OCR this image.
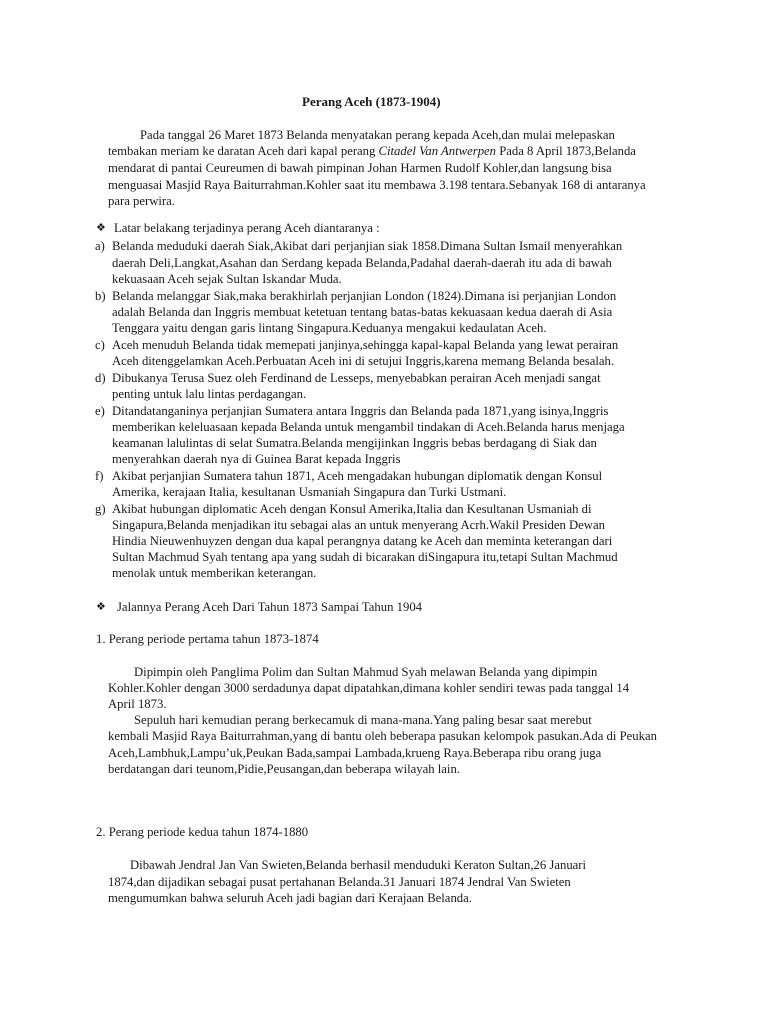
Perang Aceh (1873-1904)
Pada tanggal 26 Maret 1873 Belanda menyatakan perang kepada Aceh,dan mulai melepaskan
tembakan meriam ke daratan Aceh dari kapal perang Citadel Van Antwerpen Pada 8 April 1873,Belanda
mendarat di pantai Ceureumen di bawah pimpinan Johan Harmen Rudolf Kohler,dan langsung bisa
menguasai Masjid Raya Baiturrahman.Kohler saat itu membawa 3.198 tentara.Sebanyak 168 di antaranya
para perwira.
❖ Latar belakang terjadinya perang Aceh diantaranya :
a) Belanda meduduki daerah Siak,Akibat dari perjanjian siak 1858.Dimana Sultan Ismail menyerahkan
daerah Deli,Langkat,Asahan dan Serdang kepada Belanda,Padahal daerah-daerah itu ada di bawah
kekuasaan Aceh sejak Sultan Iskandar Muda.
b) Belanda melanggar Siak,maka berakhirlah perjanjian London (1824).Dimana isi perjanjian London
adalah Belanda dan Inggris membuat ketetuan tentang batas-batas kekuasaan kedua daerah di Asia
Tenggara yaitu dengan garis lintang Singapura.Keduanya mengakui kedaulatan Aceh.
c) Aceh menuduh Belanda tidak memepati janjinya,sehingga kapal-kapal Belanda yang lewat perairan
Aceh ditenggelamkan Aceh.Perbuatan Aceh ini di setujui Inggris,karena memang Belanda besalah.
d) Dibukanya Terusa Suez oleh Ferdinand de Lesseps, menyebabkan perairan Aceh menjadi sangat
penting untuk lalu lintas perdagangan.
e) Ditandatanganinya perjanjian Sumatera antara Inggris dan Belanda pada 1871,yang isinya,Inggris
memberikan keleluasaan kepada Belanda untuk mengambil tindakan di Aceh.Belanda harus menjaga
keamanan lalulintas di selat Sumatra.Belanda mengijinkan Inggris bebas berdagang di Siak dan
menyerahkan daerah nya di Guinea Barat kepada Inggris
f) Akibat perjanjian Sumatera tahun 1871, Aceh mengadakan hubungan diplomatik dengan Konsul
Amerika, kerajaan Italia, kesultanan Usmaniah Singapura dan Turki Ustmani.
g) Akibat hubungan diplomatic Aceh dengan Konsul Amerika,Italia dan Kesultanan Usmaniah di
Singapura,Belanda menjadikan itu sebagai alas an untuk menyerang Acrh.Wakil Presiden Dewan
Hindia Nieuwenhuyzen dengan dua kapal perangnya datang ke Aceh dan meminta keterangan dari
Sultan Machmud Syah tentang apa yang sudah di bicarakan diSingapura itu,tetapi Sultan Machmud
menolak untuk memberikan keterangan.
❖ Jalannya Perang Aceh Dari Tahun 1873 Sampai Tahun 1904
1. Perang periode pertama tahun 1873-1874
Dipimpin oleh Panglima Polim dan Sultan Mahmud Syah melawan Belanda yang dipimpin
Kohler.Kohler dengan 3000 serdadunya dapat dipatahkan,dimana kohler sendiri tewas pada tanggal 14
April 1873.
Sepuluh hari kemudian perang berkecamuk di mana-mana.Yang paling besar saat merebut
kembali Masjid Raya Baiturrahman,yang di bantu oleh beberapa pasukan kelompok pasukan.Ada di Peukan
Aceh,Lambhuk,Lampu’uk,Peukan Bada,sampai Lambada,krueng Raya.Beberapa ribu orang juga
berdatangan dari teunom,Pidie,Peusangan,dan beberapa wilayah lain.
2. Perang periode kedua tahun 1874-1880
Dibawah Jendral Jan Van Swieten,Belanda berhasil menduduki Keraton Sultan,26 Januari
1874,dan dijadikan sebagai pusat pertahanan Belanda.31 Januari 1874 Jendral Van Swieten
mengumumkan bahwa seluruh Aceh jadi bagian dari Kerajaan Belanda.
